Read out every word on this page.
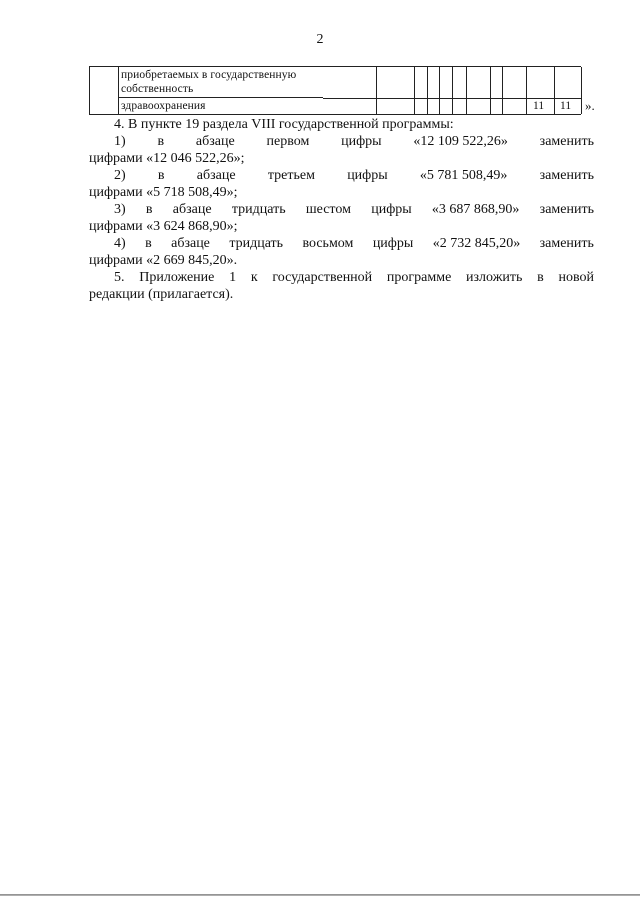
2
приобретаемых в государственную
собственность
здравоохранения	11 11 ».
4. В пункте 19 раздела VIII государственной программы:
1) в абзаце первом цифры «12 109 522,26» заменить
цифрами «12 046 522,26»;
2) в абзаце третьем цифры «5 781 508,49» заменить
цифрами «5 718 508,49»;
3) в абзаце тридцать шестом цифры «3 687 868,90» заменить
цифрами «3 624 868,90»;
4) в абзаце тридцать восьмом цифры «2 732 845,20» заменить
цифрами «2 669 845,20».
5. Приложение 1 к государственной программе изложить в новой
редакции (прилагается).
